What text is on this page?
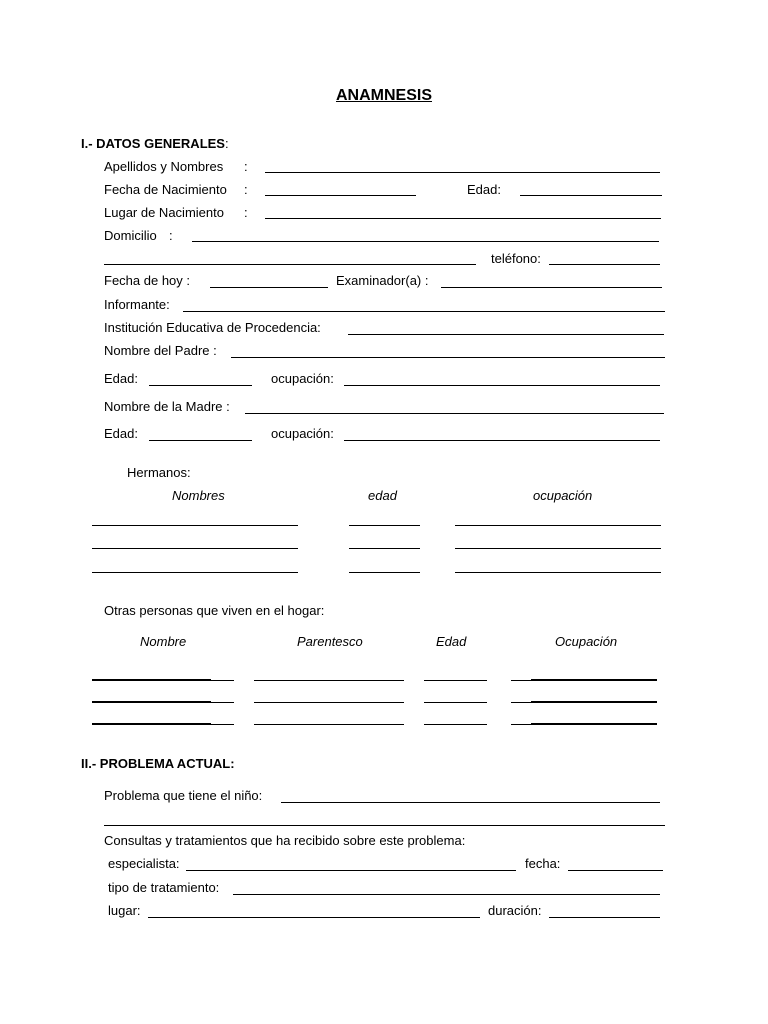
ANAMNESIS
I.- DATOS GENERALES:
Apellidos y Nombres :
Fecha de Nacimiento :	Edad:
Lugar de Nacimiento :
Domicilio :
teléfono:
Fecha de hoy :	Examinador(a) :
Informante:
Institución Educativa de Procedencia:
Nombre del Padre :
Edad:	ocupación:
Nombre de la Madre :
Edad:	ocupación:
Hermanos:
Nombres	edad	ocupación
Otras personas que viven en el hogar:
Nombre	Parentesco	Edad	Ocupación
II.- PROBLEMA ACTUAL:
Problema que tiene el niño:
Consultas y tratamientos que ha recibido sobre este problema:
especialista:	fecha:
tipo de tratamiento:
lugar:	duración:
